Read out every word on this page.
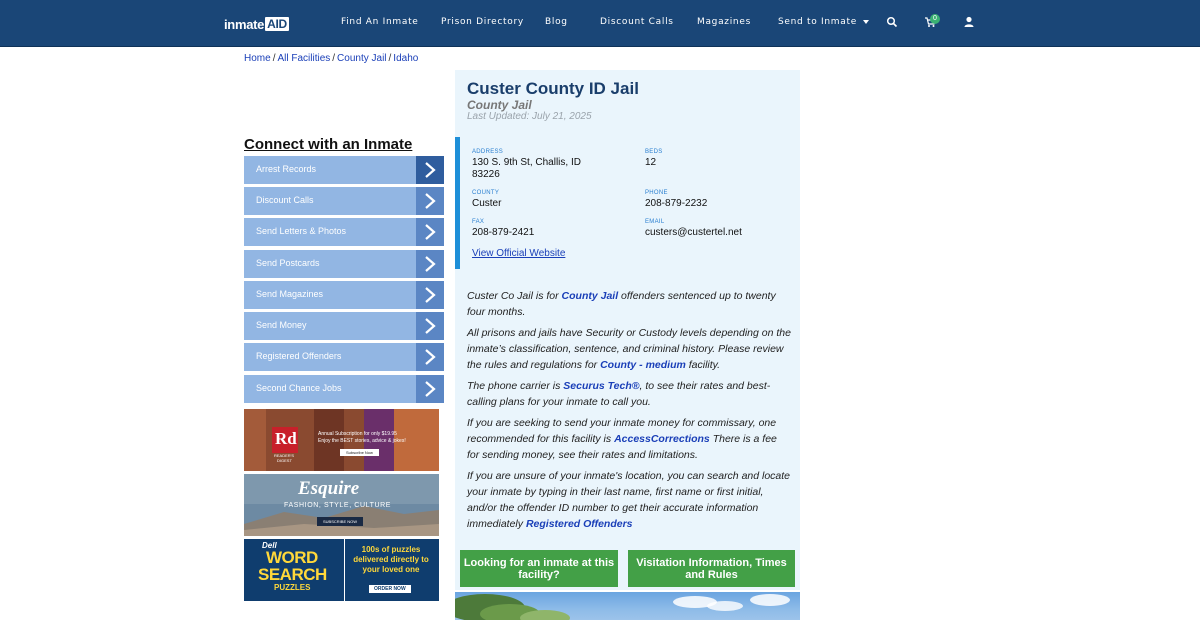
inmate AID	Find An Inmate Prison Directory Blog	Discount Calls	Magazines	Send to Inmate	0
Home / All Facilities / County Jail / Idaho
Connect with an Inmate
Arrest Records
Discount Calls
Send Letters & Photos
Send Postcards
Send Magazines
Send Money
Registered Offenders
Second Chance Jobs
Rd
READER'S
DIGEST
Annual Subscription for only $19.95
Enjoy the BEST stories, advice & jokes!
Subscribe Now
Esquire
FASHION, STYLE, CULTURE
SUBSCRIBE NOW
Dell
WORD
SEARCH
PUZZLES
100s of puzzles delivered directly to your loved one
ORDER NOW
Custer County ID Jail
County Jail
Last Updated: July 21, 2025
ADDRESS
130 S. 9th St, Challis, ID
83226
BEDS
12
COUNTY
Custer
PHONE
208-879-2232
FAX
208-879-2421
EMAIL
custers@custertel.net
View Official Website

Custer Co Jail is for County Jail offenders sentenced up to twenty four months.

All prisons and jails have Security or Custody levels depending on the inmate’s classification, sentence, and criminal history. Please review the rules and regulations for County - medium facility.

The phone carrier is Securus Tech®, to see their rates and best-calling plans for your inmate to call you.

If you are seeking to send your inmate money for commissary, one recommended for this facility is AccessCorrections There is a fee for sending money, see their rates and limitations.

If you are unsure of your inmate's location, you can search and locate your inmate by typing in their last name, first name or first initial, and/or the offender ID number to get their accurate information immediately Registered Offenders

Looking for an inmate at this facility?
Visitation Information, Times and Rules
